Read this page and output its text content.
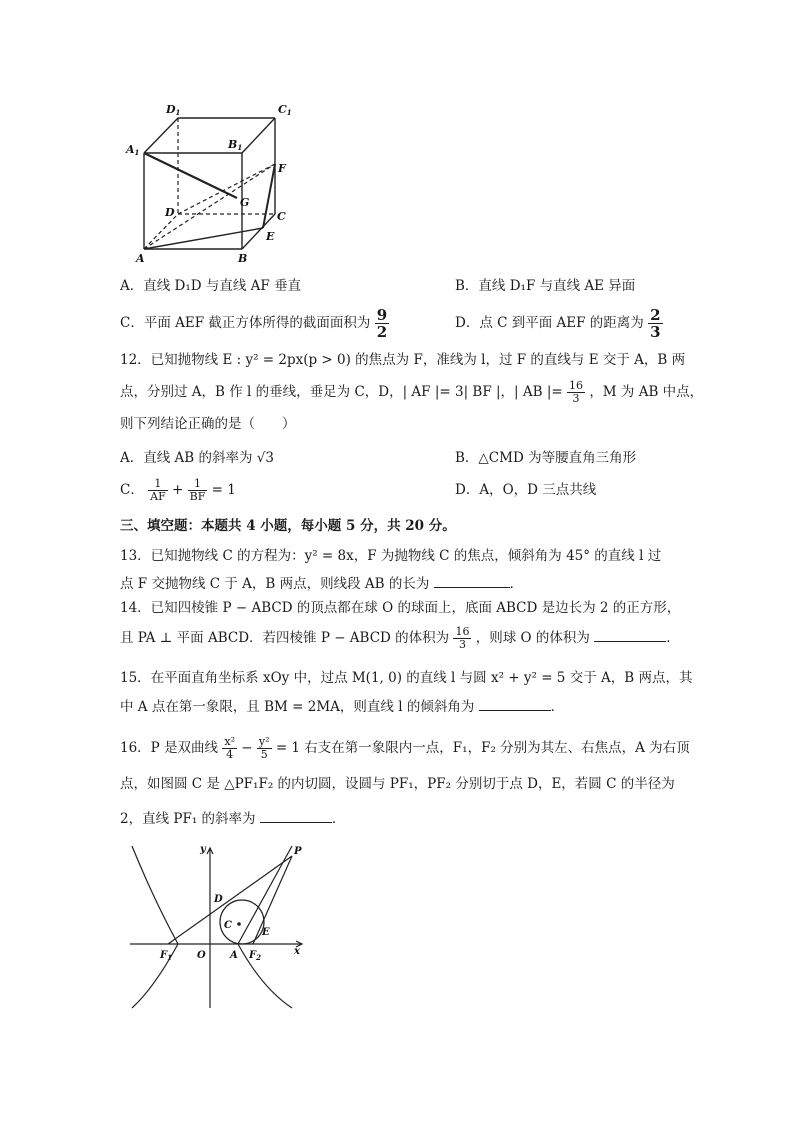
D1	C1
A1
B1
F
G
D	C
E
A	B
A．直线 D₁D 与直线 AF 垂直	B．直线 D₁F 与直线 AE 异面
C．平面 AEF 截正方体所得的截面面积为 $\frac{9}{2}$	D．点 C 到平面 AEF 的距离为 $\frac{2}{3}$
12．已知抛物线 E : y² = 2px(p > 0) 的焦点为 F，准线为 l，过 F 的直线与 E 交于 A，B 两
点，分别过 A，B 作 l 的垂线，垂足为 C，D，| AF |= 3| BF |，| AB |= $\frac{16}{3}$ ，M 为 AB 中点，
则下列结论正确的是（　　）
A．直线 AB 的斜率为 √3	B．△CMD 为等腰直角三角形
C． $\frac{1}{AF} + \frac{1}{BF} = 1$	D．A，O，D 三点共线
三、填空题：本题共 4 小题，每小题 5 分，共 20 分。
13．已知抛物线 C 的方程为：y² = 8x，F 为抛物线 C 的焦点，倾斜角为 45° 的直线 l 过
点 F 交抛物线 C 于 A，B 两点，则线段 AB 的长为	．
14．已知四棱锥 P − ABCD 的顶点都在球 O 的球面上，底面 ABCD 是边长为 2 的正方形，
且 PA ⊥ 平面 ABCD．若四棱锥 P − ABCD 的体积为 $\frac{16}{3}$ ，则球 O 的体积为	．
15．在平面直角坐标系 xOy 中，过点 M(1, 0) 的直线 l 与圆 x² + y² = 5 交于 A，B 两点，其
中 A 点在第一象限，且 BM = 2MA，则直线 l 的倾斜角为	．
16．P 是双曲线 $\frac{\text{x²}}{4} - \frac{\text{y²}}{5} = 1$ 右支在第一象限内一点，F₁，F₂ 分别为其左、右焦点，A 为右顶
点，如图圆 C 是 △PF₁F₂ 的内切圆，设圆与 PF₁，PF₂ 分别切于点 D，E，若圆 C 的半径为
2，直线 PF₁ 的斜率为	．
y	P
D
C
E
$F_1$	O A $F_2$
x
